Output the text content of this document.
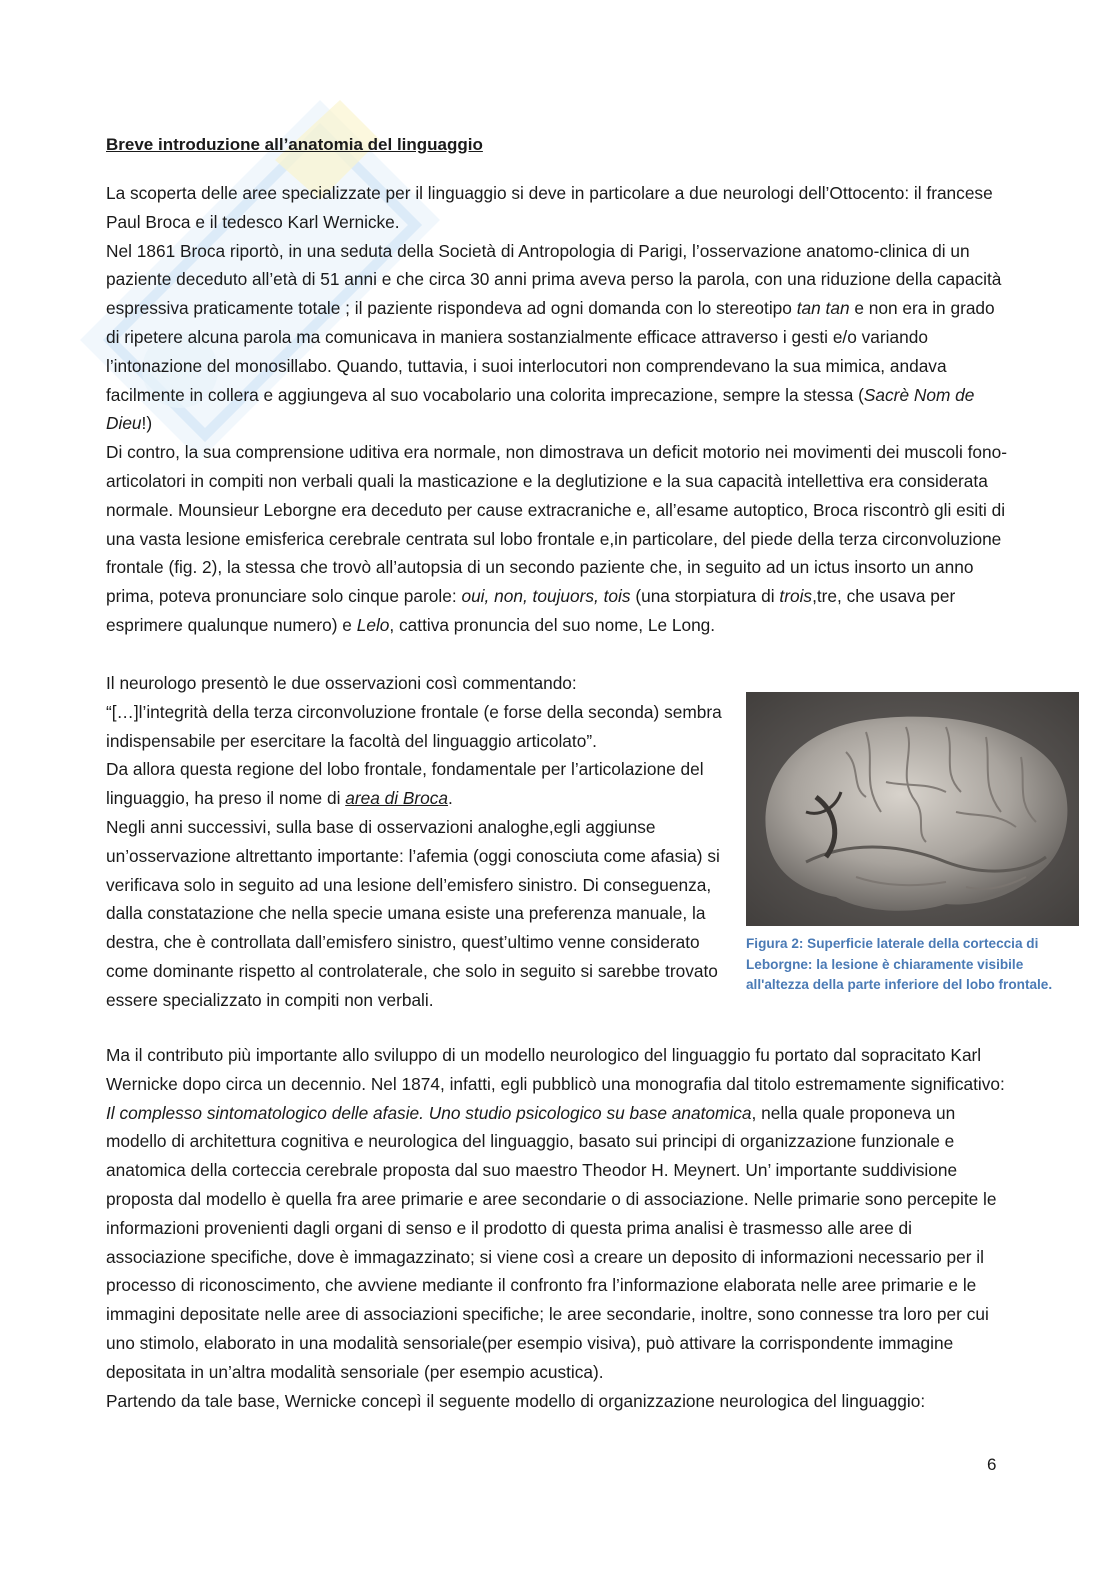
Breve introduzione all’anatomia del linguaggio

La scoperta delle aree specializzate per il linguaggio si deve in particolare a due neurologi dell’Ottocento: il francese Paul Broca e il tedesco Karl Wernicke.

Nel 1861 Broca riportò, in una seduta della Società di Antropologia di Parigi, l’osservazione anatomo-clinica di un paziente deceduto all’età di 51 anni e che circa 30 anni prima aveva perso la parola, con una riduzione della capacità espressiva praticamente totale ; il paziente rispondeva ad ogni domanda con lo stereotipo tan tan e non era in grado di ripetere alcuna parola ma comunicava in maniera sostanzialmente efficace attraverso i gesti e/o variando l’intonazione del monosillabo. Quando, tuttavia, i suoi interlocutori non comprendevano la sua mimica, andava facilmente in collera e aggiungeva al suo vocabolario una colorita imprecazione, sempre la stessa (Sacrè Nom de Dieu!)

Di contro, la sua comprensione uditiva era normale, non dimostrava un deficit motorio nei movimenti dei muscoli fono-articolatori in compiti non verbali quali la masticazione e la deglutizione e la sua capacità intellettiva era considerata normale. Mounsieur Leborgne era deceduto per cause extracraniche e, all’esame autoptico, Broca riscontrò gli esiti di una vasta lesione emisferica cerebrale centrata sul lobo frontale e,in particolare, del piede della terza circonvoluzione frontale (fig. 2), la stessa che trovò all’autopsia di un secondo paziente che, in seguito ad un ictus insorto un anno prima, poteva pronunciare solo cinque parole: oui, non, toujuors, tois (una storpiatura di trois,tre, che usava per esprimere qualunque numero) e Lelo, cattiva pronuncia del suo nome, Le Long.

Il neurologo presentò le due osservazioni così commentando:

“[…]l’integrità della terza circonvoluzione frontale (e forse della seconda) sembra indispensabile per esercitare la facoltà del linguaggio articolato”.

Da allora questa regione del lobo frontale, fondamentale per l’articolazione del linguaggio, ha preso il nome di area di Broca.

Negli anni successivi, sulla base di osservazioni analoghe,egli aggiunse un’osservazione altrettanto importante: l’afemia (oggi conosciuta come afasia) si verificava solo in seguito ad una lesione dell’emisfero sinistro. Di conseguenza, dalla constatazione che nella specie umana esiste una preferenza manuale, la destra, che è controllata dall’emisfero sinistro, quest’ultimo venne considerato come dominante rispetto al controlaterale, che solo in seguito si sarebbe trovato essere specializzato in compiti non verbali.

Figura 2: Superficie laterale della corteccia di Leborgne: la lesione è chiaramente visibile all'altezza della parte inferiore del lobo frontale.

Ma il contributo più importante allo sviluppo di un modello neurologico del linguaggio fu portato dal sopracitato Karl Wernicke dopo circa un decennio. Nel 1874, infatti, egli pubblicò una monografia dal titolo estremamente significativo: Il complesso sintomatologico delle afasie. Uno studio psicologico su base anatomica, nella quale proponeva un modello di architettura cognitiva e neurologica del linguaggio, basato sui principi di organizzazione funzionale e anatomica della corteccia cerebrale proposta dal suo maestro Theodor H. Meynert. Un’ importante suddivisione proposta dal modello è quella fra aree primarie e aree secondarie o di associazione. Nelle primarie sono percepite le informazioni provenienti dagli organi di senso e il prodotto di questa prima analisi è trasmesso alle aree di associazione specifiche, dove è immagazzinato; si viene così a creare un deposito di informazioni necessario per il processo di riconoscimento, che avviene mediante il confronto fra l’informazione elaborata nelle aree primarie e le immagini depositate nelle aree di associazioni specifiche; le aree secondarie, inoltre, sono connesse tra loro per cui uno stimolo, elaborato in una modalità sensoriale(per esempio visiva), può attivare la corrispondente immagine depositata in un’altra modalità sensoriale (per esempio acustica).

Partendo da tale base, Wernicke concepì il seguente modello di organizzazione neurologica del linguaggio:

6
